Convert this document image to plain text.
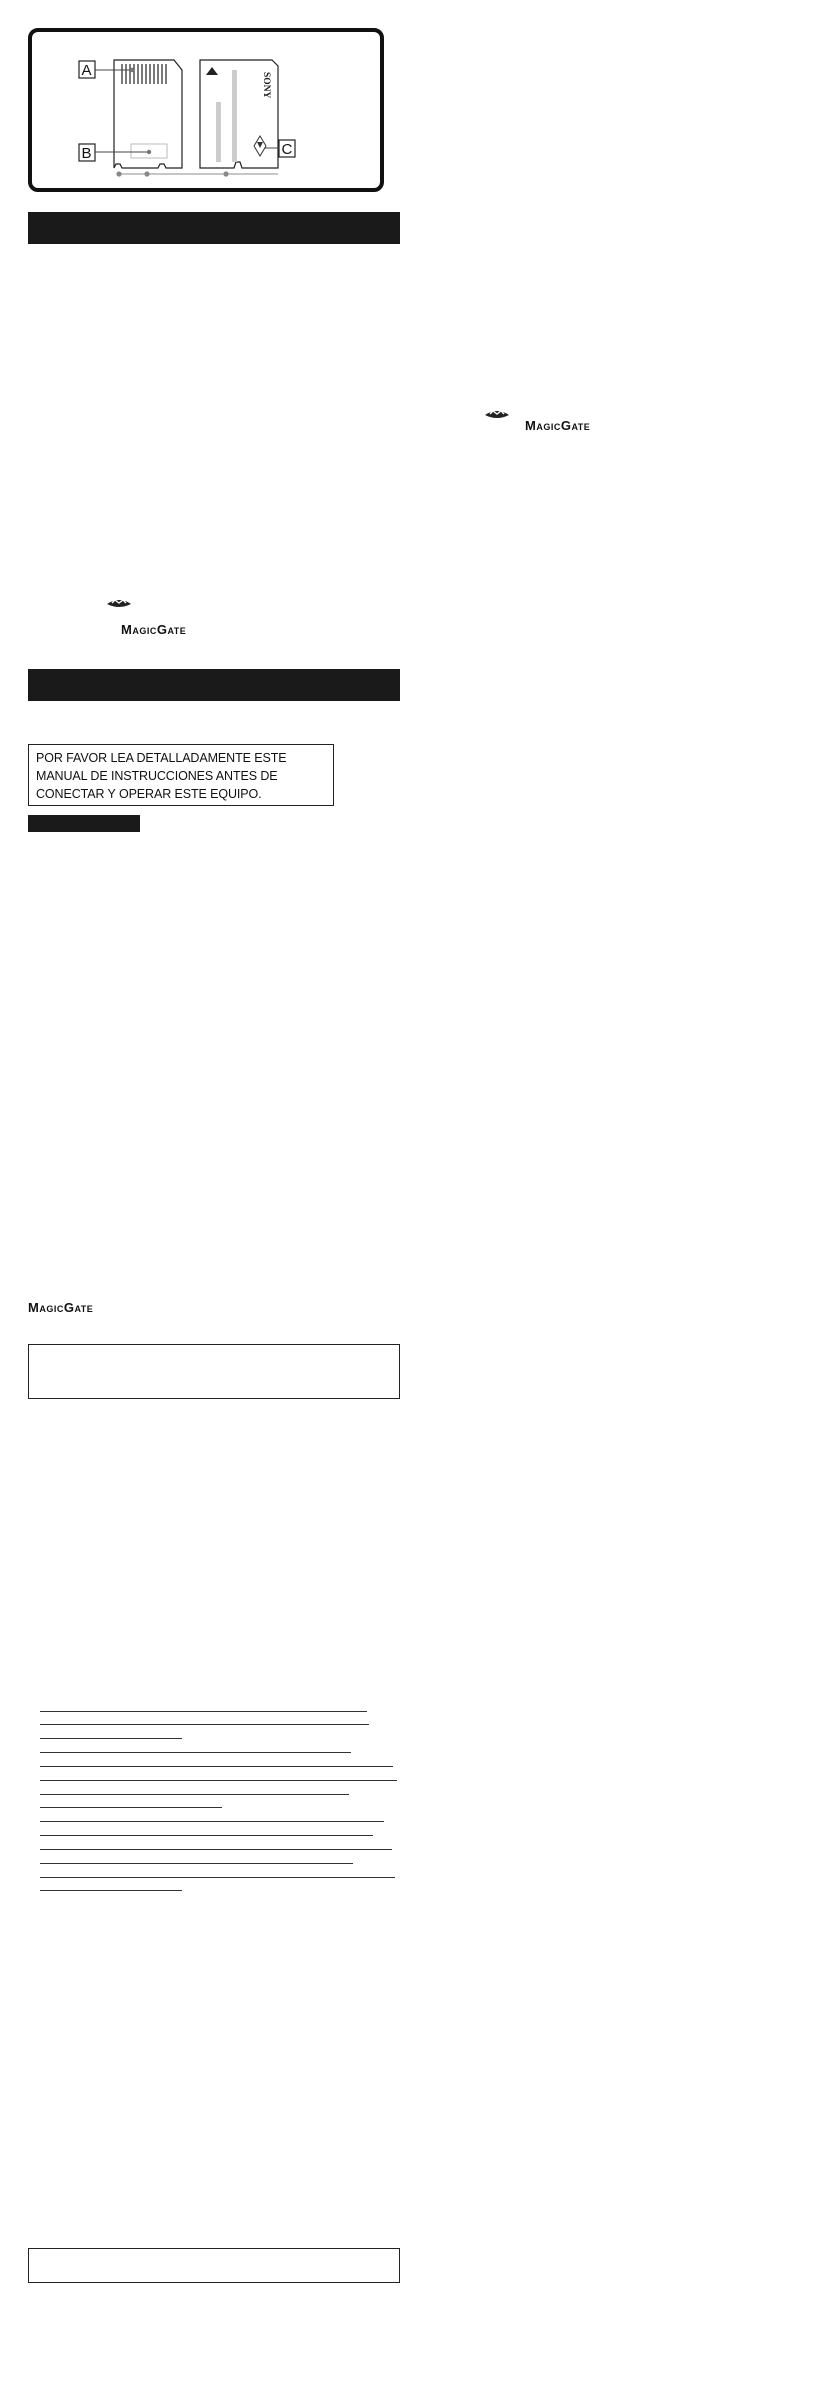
A
B
SONY
C
MagicGate
MagicGate
MagicGate
POR FAVOR LEA DETALLADAMENTE ESTE MANUAL DE INSTRUCCIONES ANTES DE CONECTAR Y OPERAR ESTE EQUIPO.
